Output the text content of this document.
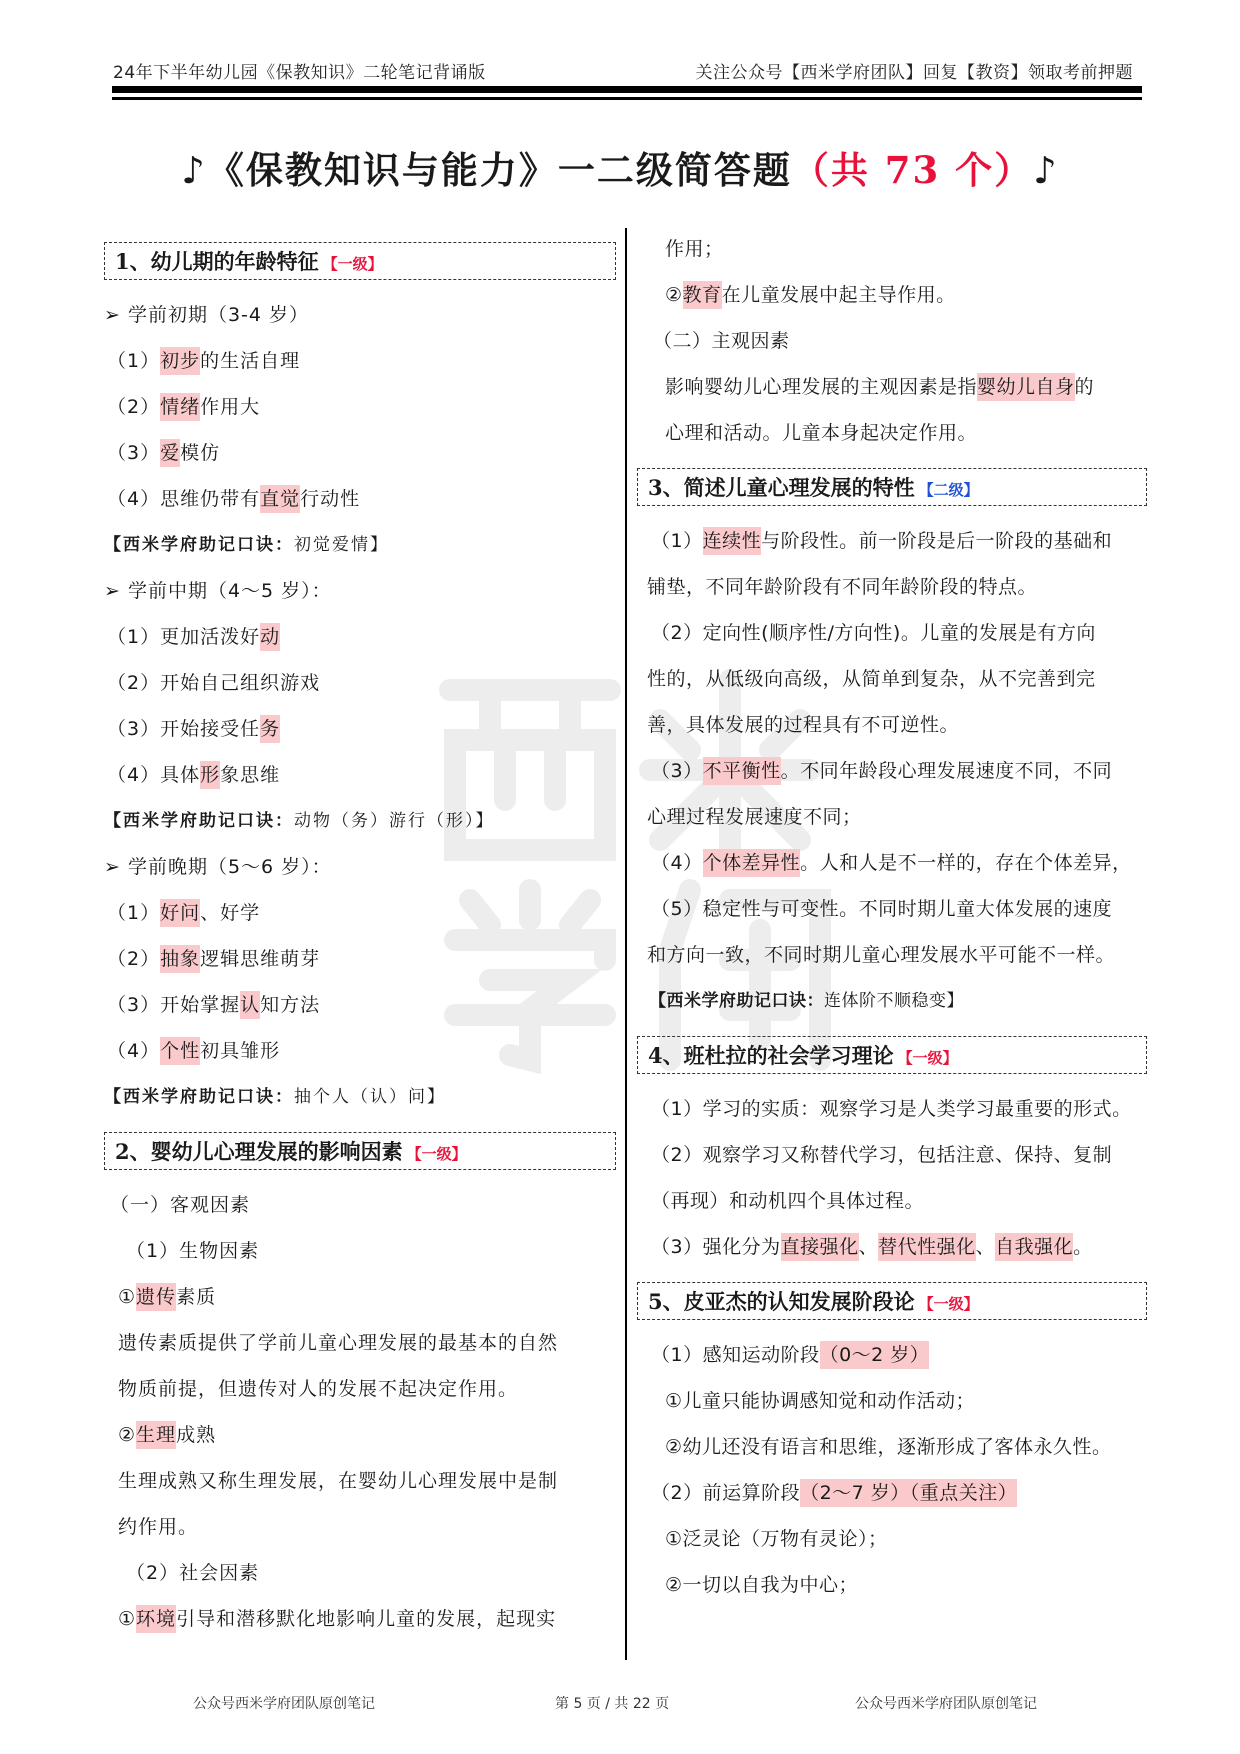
24年下半年幼儿园《保教知识》二轮笔记背诵版	关注公众号【西米学府团队】回复【教资】领取考前押题
♪《保教知识与能力》一二级简答题（共 73 个）♪
1、幼儿期的年龄特征 【一级】
➢ 学前初期（3-4 岁）
（1）初步的生活自理
（2）情绪作用大
（3）爱模仿
（4）思维仍带有直觉行动性
【西米学府助记口诀：初觉爱情】
➢ 学前中期（4～5 岁）：
（1）更加活泼好动
（2）开始自己组织游戏
（3）开始接受任务
（4）具体形象思维
【西米学府助记口诀：动物（务）游行（形）】
➢ 学前晚期（5～6 岁）：
（1）好问、好学
（2）抽象逻辑思维萌芽
（3）开始掌握认知方法
（4）个性初具雏形
【西米学府助记口诀：抽个人（认）问】
2、婴幼儿心理发展的影响因素 【一级】
（一）客观因素
（1）生物因素
①遗传素质
遗传素质提供了学前儿童心理发展的最基本的自然
物质前提，但遗传对人的发展不起决定作用。
②生理成熟
生理成熟又称生理发展，在婴幼儿心理发展中是制
约作用。
（2）社会因素
①环境引导和潜移默化地影响儿童的发展，起现实
作用；
②教育在儿童发展中起主导作用。
（二）主观因素
影响婴幼儿心理发展的主观因素是指婴幼儿自身的
心理和活动。儿童本身起决定作用。
3、简述儿童心理发展的特性 【二级】
（1）连续性与阶段性。前一阶段是后一阶段的基础和
铺垫，不同年龄阶段有不同年龄阶段的特点。
（2）定向性(顺序性/方向性)。儿童的发展是有方向
性的，从低级向高级，从简单到复杂，从不完善到完
善，具体发展的过程具有不可逆性。
（3）不平衡性。不同年龄段心理发展速度不同，不同
心理过程发展速度不同；
（4）个体差异性。人和人是不一样的，存在个体差异，
（5）稳定性与可变性。不同时期儿童大体发展的速度
和方向一致，不同时期儿童心理发展水平可能不一样。
【西米学府助记口诀：连体阶不顺稳变】
4、班杜拉的社会学习理论 【一级】
（1）学习的实质：观察学习是人类学习最重要的形式。
（2）观察学习又称替代学习，包括注意、保持、复制
（再现）和动机四个具体过程。
（3）强化分为直接强化、替代性强化、自我强化。
5、皮亚杰的认知发展阶段论 【一级】
（1）感知运动阶段（0～2 岁）
①儿童只能协调感知觉和动作活动；
②幼儿还没有语言和思维，逐渐形成了客体永久性。
（2）前运算阶段（2～7 岁）（重点关注）
①泛灵论（万物有灵论）；
②一切以自我为中心；
公众号西米学府团队原创笔记	第 5 页 / 共 22 页	公众号西米学府团队原创笔记
